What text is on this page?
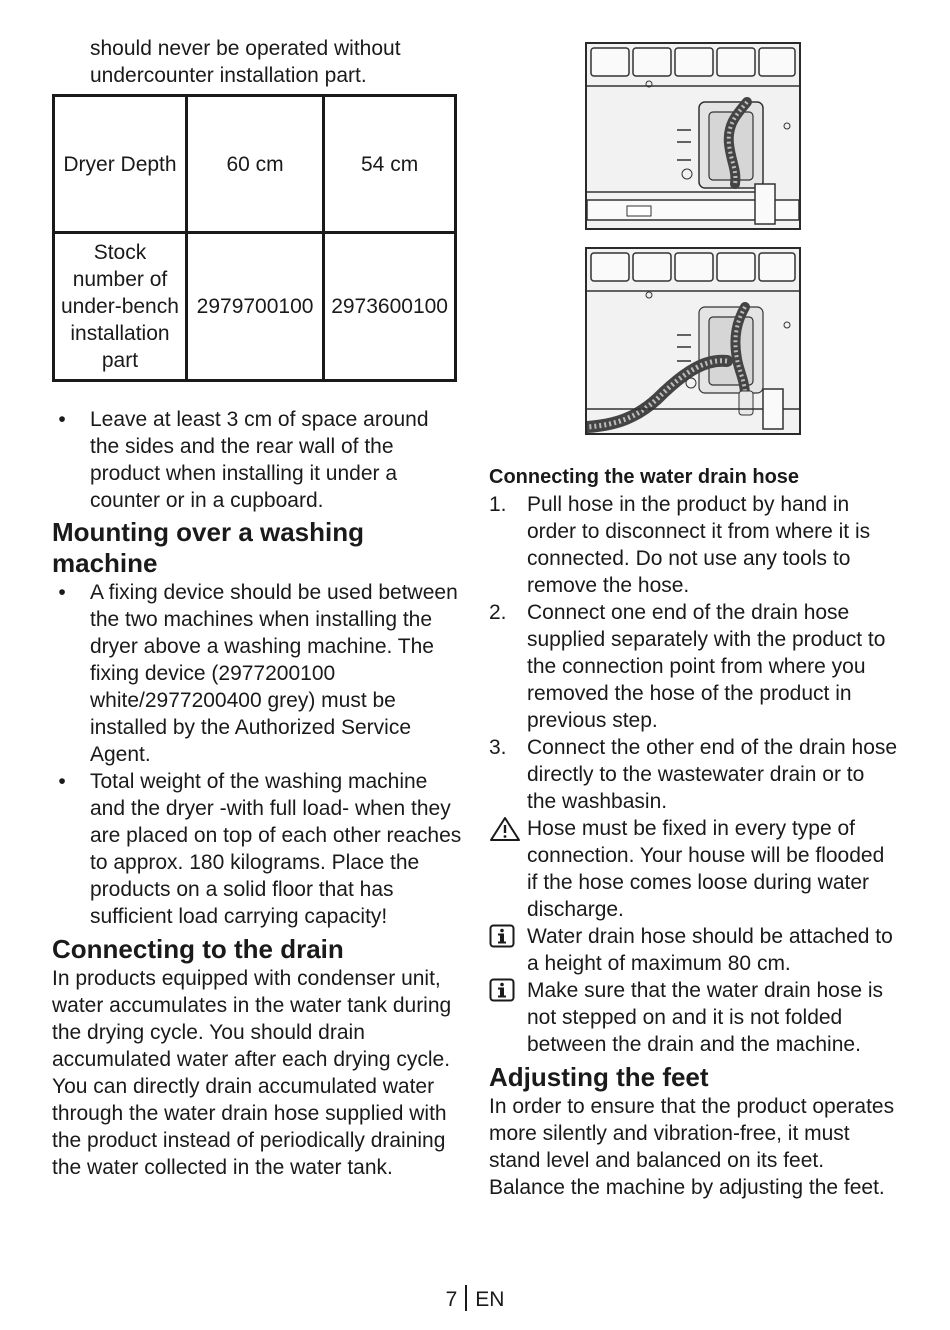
should never be operated without

undercounter installation part.

Dryer Depth	60 cm	54 cm

Stock
number of
under-bench
installation
part	2979700100	2973600100
•	Leave at least 3 cm of space around the sides and the rear wall of the product when installing it under a counter or in a cupboard.
Mounting over a washing machine
•	A fixing device should be used between the two machines when installing the dryer above a washing machine. The fixing device (2977200100 white/2977200400 grey) must be installed by the Authorized Service Agent.
•	Total weight of the washing machine and the dryer -with full load- when they are placed on top of each other reaches to approx. 180 kilograms. Place the products on a solid floor that has sufficient load carrying capacity!
Connecting to the drain

In products equipped with condenser unit, water accumulates in the water tank during the drying cycle. You should drain accumulated water after each drying cycle.

You can directly drain accumulated water through the water drain hose supplied with the product instead of periodically draining the water collected in the water tank.

Connecting the water drain hose
1. Pull hose in the product by hand in order to disconnect it from where it is connected. Do not use any tools to remove the hose.
2. Connect one end of the drain hose supplied separately with the product to the connection point from where you removed the hose of the product in previous step.
3. Connect the other end of the drain hose directly to the wastewater drain or to the washbasin.

Hose must be fixed in every type of connection. Your house will be flooded if the hose comes loose during water discharge.

Water drain hose should be attached to a height of maximum 80 cm.

Make sure that the water drain hose is not stepped on and it is not folded between the drain and the machine.

Adjusting the feet

In order to ensure that the product operates more silently and vibration-free, it must stand level and balanced on its feet. Balance the machine by adjusting the feet.

7 EN
